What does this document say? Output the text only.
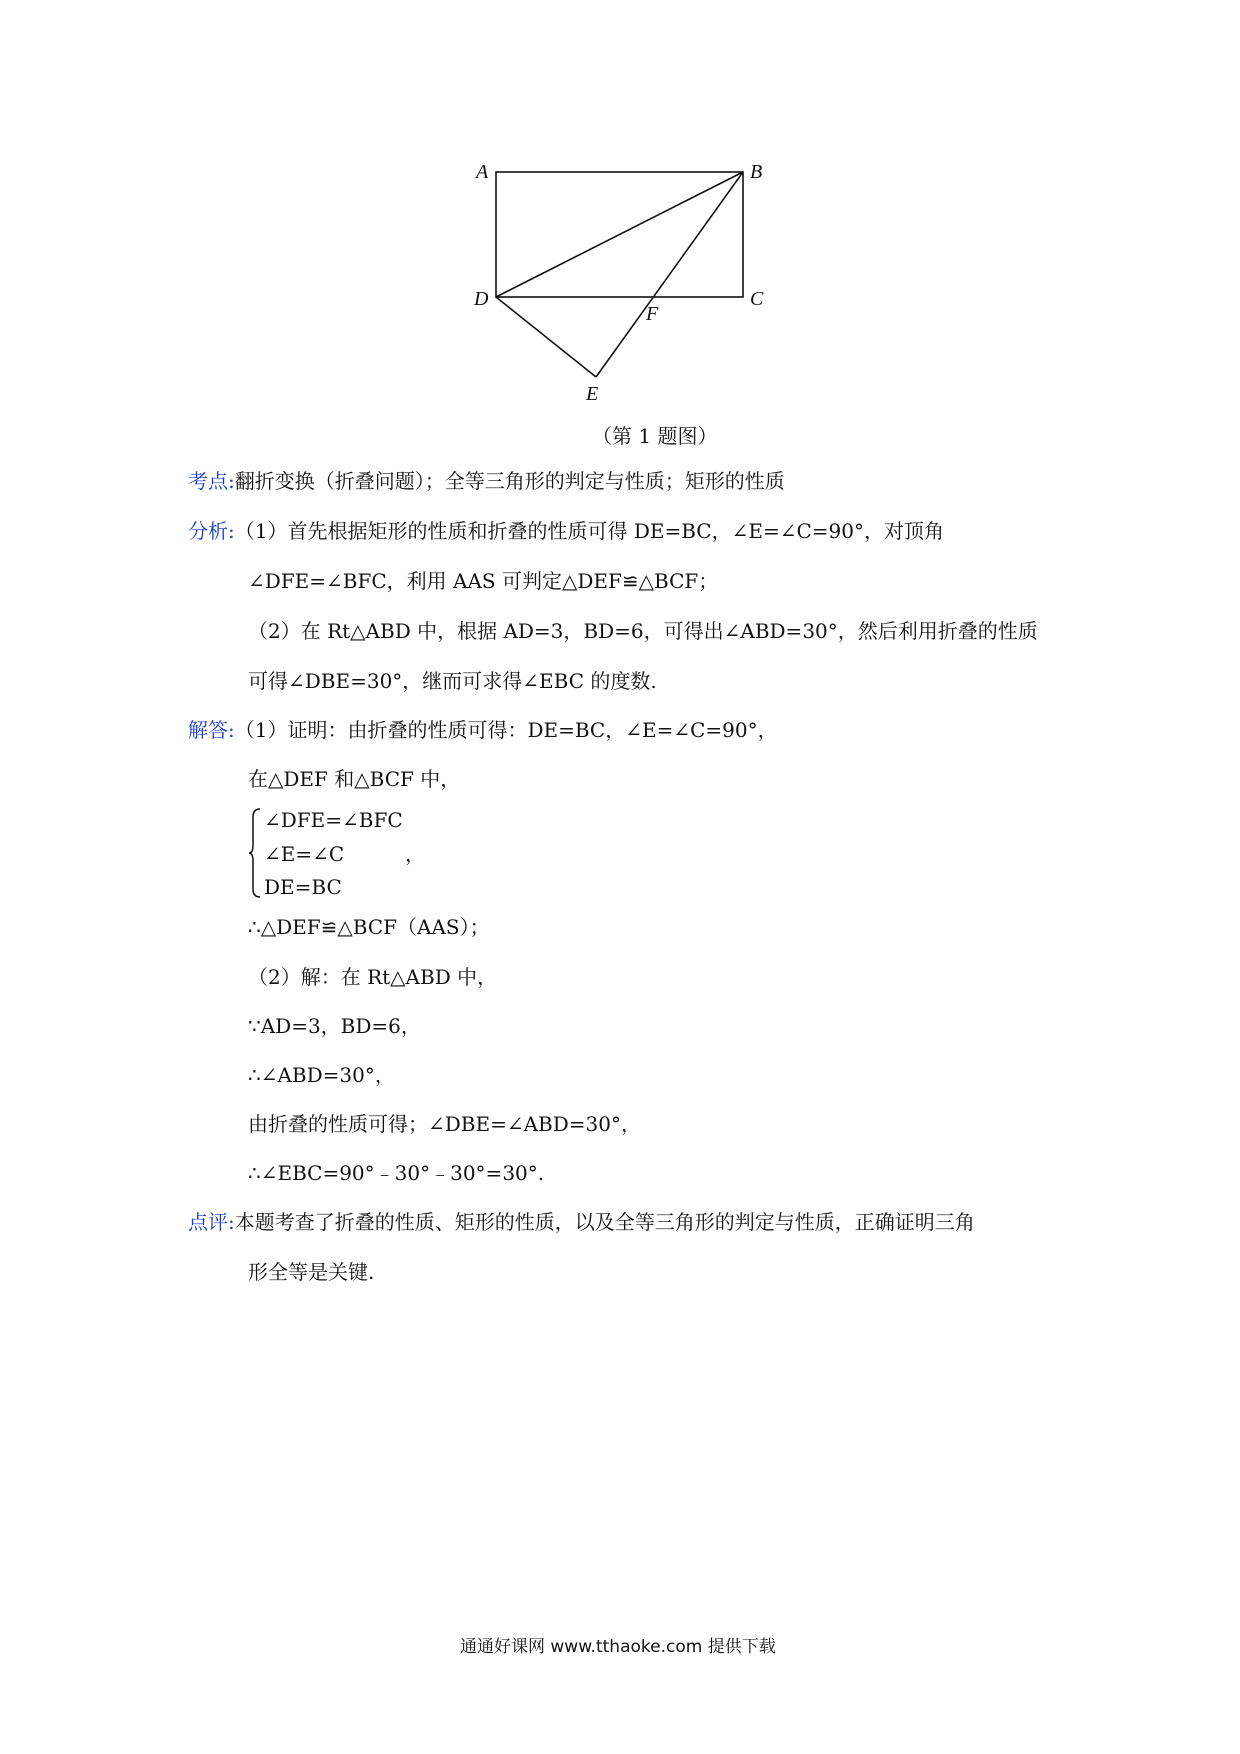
A	B
C
D
E
F
（第 1 题图）
考点:翻折变换（折叠问题）；全等三角形的判定与性质；矩形的性质
分析:（1）首先根据矩形的性质和折叠的性质可得 DE=BC，∠E=∠C=90°，对顶角
∠DFE=∠BFC，利用 AAS 可判定△DEF≌△BCF；
（2）在 Rt△ABD 中，根据 AD=3，BD=6，可得出∠ABD=30°，然后利用折叠的性质
可得∠DBE=30°，继而可求得∠EBC 的度数.
解答:（1）证明：由折叠的性质可得：DE=BC，∠E=∠C=90°，
在△DEF 和△BCF 中，
∠DFE=∠BFC
∠E=∠C	，
DE=BC
∴△DEF≌△BCF（AAS）；
（2）解：在 Rt△ABD 中，
∵AD=3，BD=6，
∴∠ABD=30°，
由折叠的性质可得；∠DBE=∠ABD=30°，
∴∠EBC=90°﹣30°﹣30°=30°.
点评:本题考查了折叠的性质、矩形的性质，以及全等三角形的判定与性质，正确证明三角
形全等是关键.
通通好课网 www.tthaoke.com 提供下载
